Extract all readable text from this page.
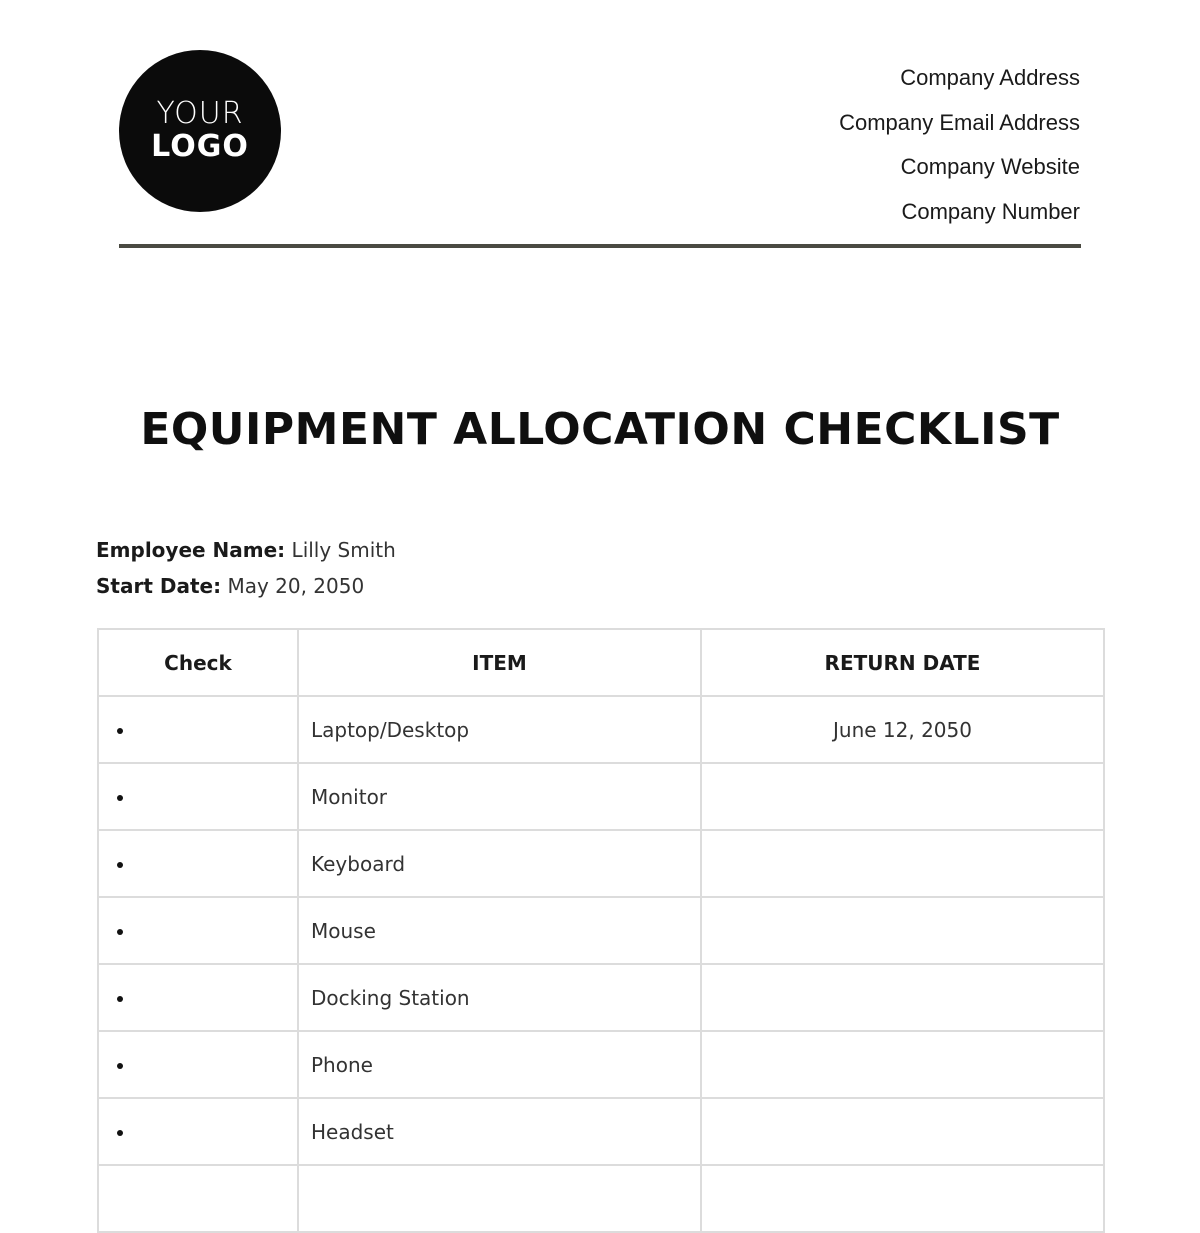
YOUR
LOGO
Company Address
Company Email Address
Company Website
Company Number
EQUIPMENT ALLOCATION CHECKLIST
Employee Name: Lilly Smith
Start Date: May 20, 2050
Check	ITEM	RETURN DATE
	Laptop/Desktop	June 12, 2050
	Monitor	
	Keyboard	
	Mouse	
	Docking Station	
	Phone	
	Headset	
